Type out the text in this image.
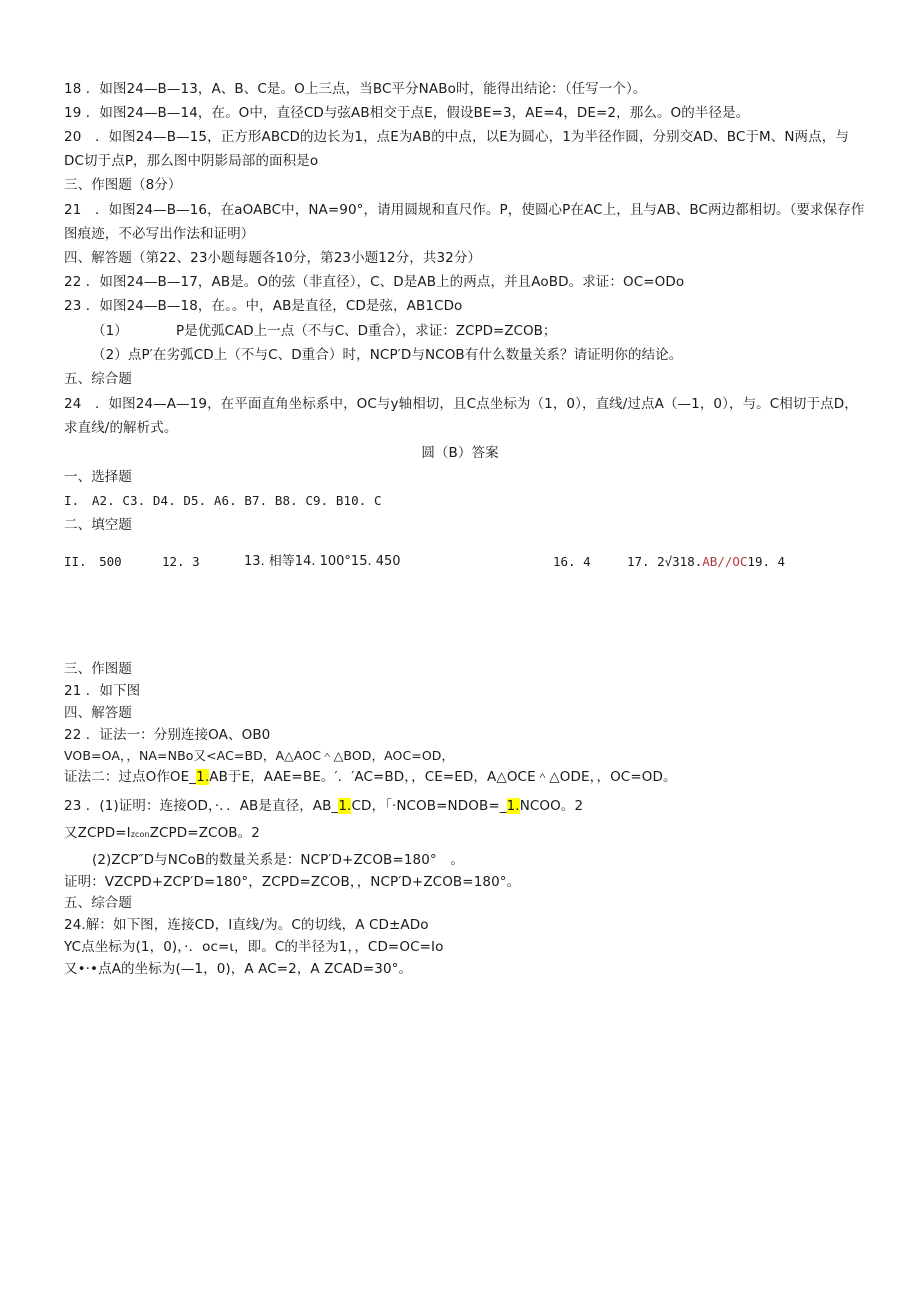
18 ．如图24—B—13，A、B、C是。O上三点，当BC平分NABo时，能得出结论：（任写一个）。
19 ．如图24—B—14，在。O中，直径CD与弦AB相交于点E，假设BE=3，AE=4，DE=2，那么。O的半径是。
20　．如图24—B—15，正方形ABCD的边长为1，点E为AB的中点，以E为圆心，1为半径作圆，分别交AD、BC于M、N两点，与
DC切于点P，那么图中阴影局部的面积是o
三、作图题（8分）
21　．如图24—B—16，在aOABC中，NA=90°，请用圆规和直尺作。P，使圆心P在AC上，且与AB、BC两边都相切。（要求保存作
图痕迹，不必写出作法和证明）
四、解答题（第22、23小题每题各10分，第23小题12分，共32分）
22 ．如图24—B—17，AB是。O的弦（非直径），C、D是AB上的两点，并且AoBD。求证：OC=ODo
23 ．如图24—B—18，在。。中，AB是直径，CD是弦，AB1CDo
（1）	P是优弧CAD上一点（不与C、D重合），求证：ZCPD=ZCOB；
（2）点P′在劣弧CD上（不与C、D重合）时，NCP′D与NCOB有什么数量关系？请证明你的结论。
五、综合题
24　．如图24—A—19，在平面直角坐标系中，OC与y轴相切，且C点坐标为（1，0），直线/过点A（—1，0），与。C相切于点D，
求直线/的解析式。
圆（B）答案
一、选择题
I.　A2. C3. D4. D5. A6. B7. B8. C9. B10. C
二、填空题
II.　500	12. 3	13. 相等14. 100°15. 450	16. 4	17. 2√318.AB//OC19. 4
三、作图题
21 ．如下图
四、解答题
22 ．证法一：分别连接OA、OB0
VOB=OA，，NA=NBo又<AC=BD，A△AOC＾△BOD，AOC=OD，
证法二：过点O作OE_1.AB于E，AAE=BE。′．′AC=BD，，CE=ED，A△OCE＾△ODE，，OC=OD。
23 ．(1)证明：连接OD，·．．AB是直径，AB_1.CD，「·NCOB=NDOB=_1.NCOO。2
又ZCPD=IzconZCPD=ZCOB。2
(2)ZCP″D与NCoB的数量关系是：NCP′D+ZCOB=180°　。
证明：VZCPD+ZCP′D=180°，ZCPD=ZCOB，，NCP′D+ZCOB=180°。
五、综合题
24.解：如下图，连接CD，I直线/为。C的切线，A CD±ADo
YC点坐标为(1，0)，·．oc=ι，即。C的半径为1，，CD=OC=Io
又•·•点A的坐标为(—1，0)，A AC=2，A ZCAD=30°。
